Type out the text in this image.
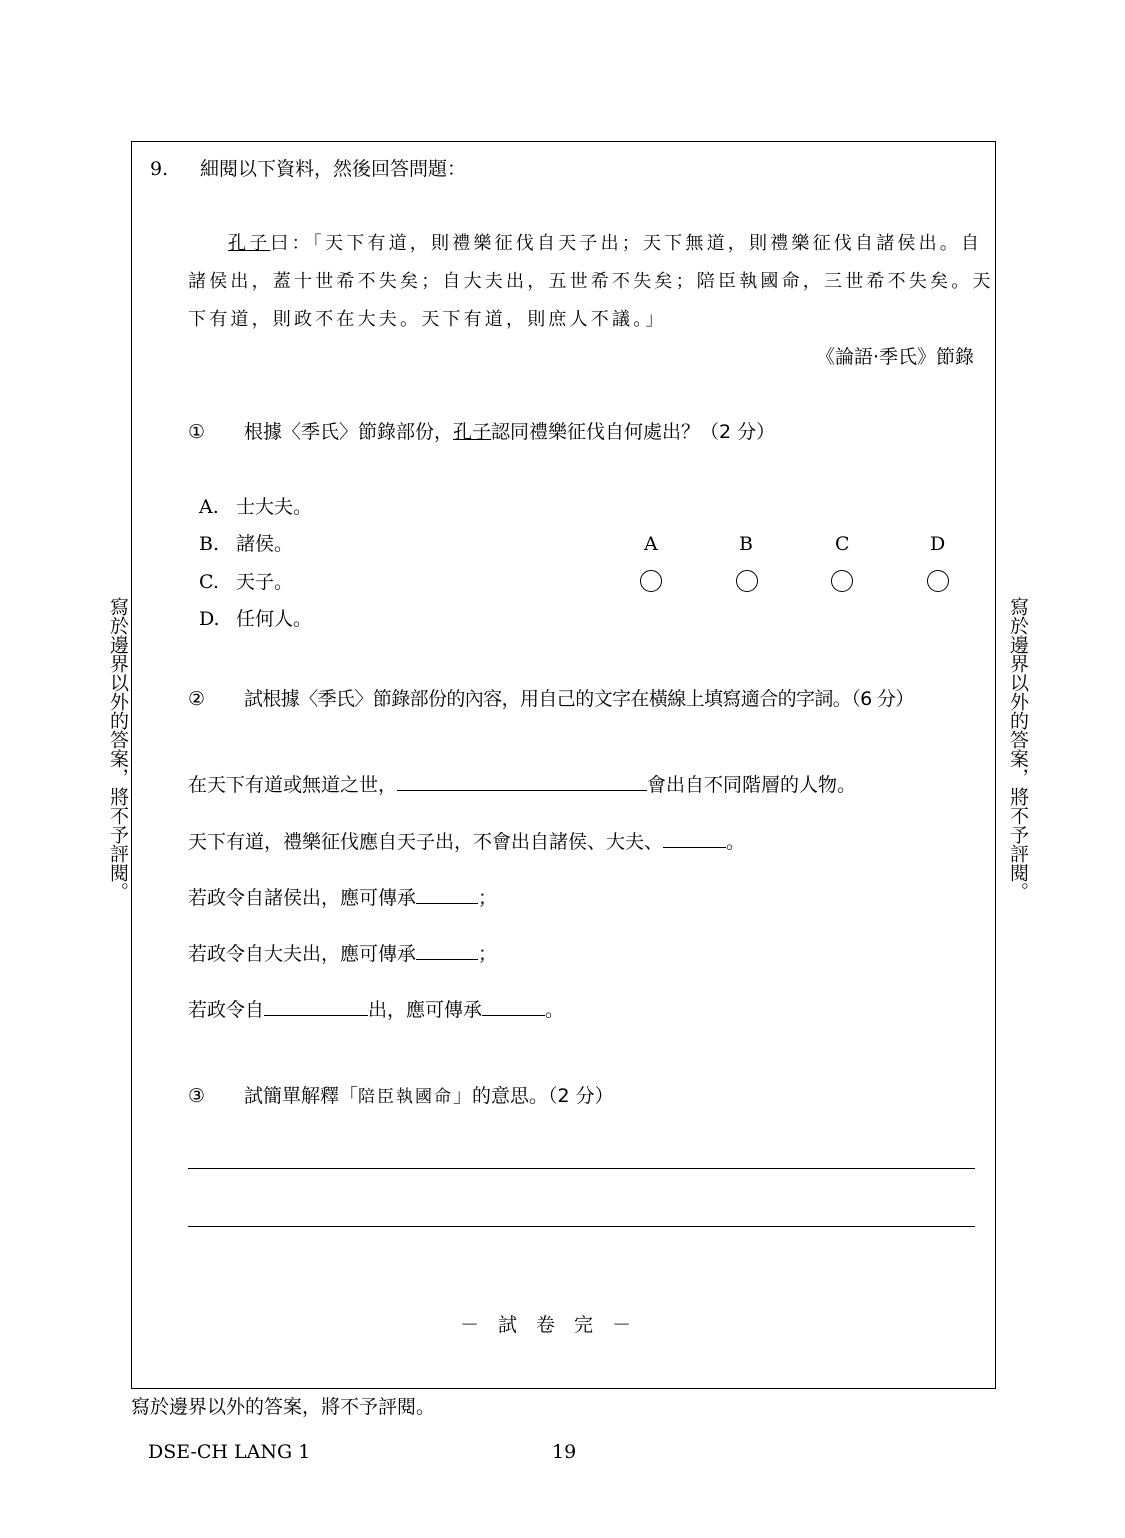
寫於邊界以外的答案，將不予評閱。	寫於邊界以外的答案，將不予評閱。
9. 細閱以下資料，然後回答問題：
孔子曰：「天下有道，則禮樂征伐自天子出；天下無道，則禮樂征伐自諸侯出。自
諸侯出，蓋十世希不失矣；自大夫出，五世希不失矣；陪臣執國命，三世希不失矣。天
下有道，則政不在大夫。天下有道，則庶人不議。」
《論語‧季氏》節錄
① 根據〈季氏〉節錄部份，孔子認同禮樂征伐自何處出？（2 分）
A. 士大夫。
B. 諸侯。
C. 天子。
D. 任何人。
A	B	C	D
② 試根據〈季氏〉節錄部份的內容，用自己的文字在橫線上填寫適合的字詞。（6 分）
在天下有道或無道之世，	會出自不同階層的人物。
天下有道，禮樂征伐應自天子出，不會出自諸侯、大夫、	。
若政令自諸侯出，應可傳承	；
若政令自大夫出，應可傳承	；
若政令自	出，應可傳承	。
③ 試簡單解釋「陪臣執國命」的意思。（2 分）
－　試　卷　完　－
寫於邊界以外的答案，將不予評閱。
DSE-CH LANG 1	19
